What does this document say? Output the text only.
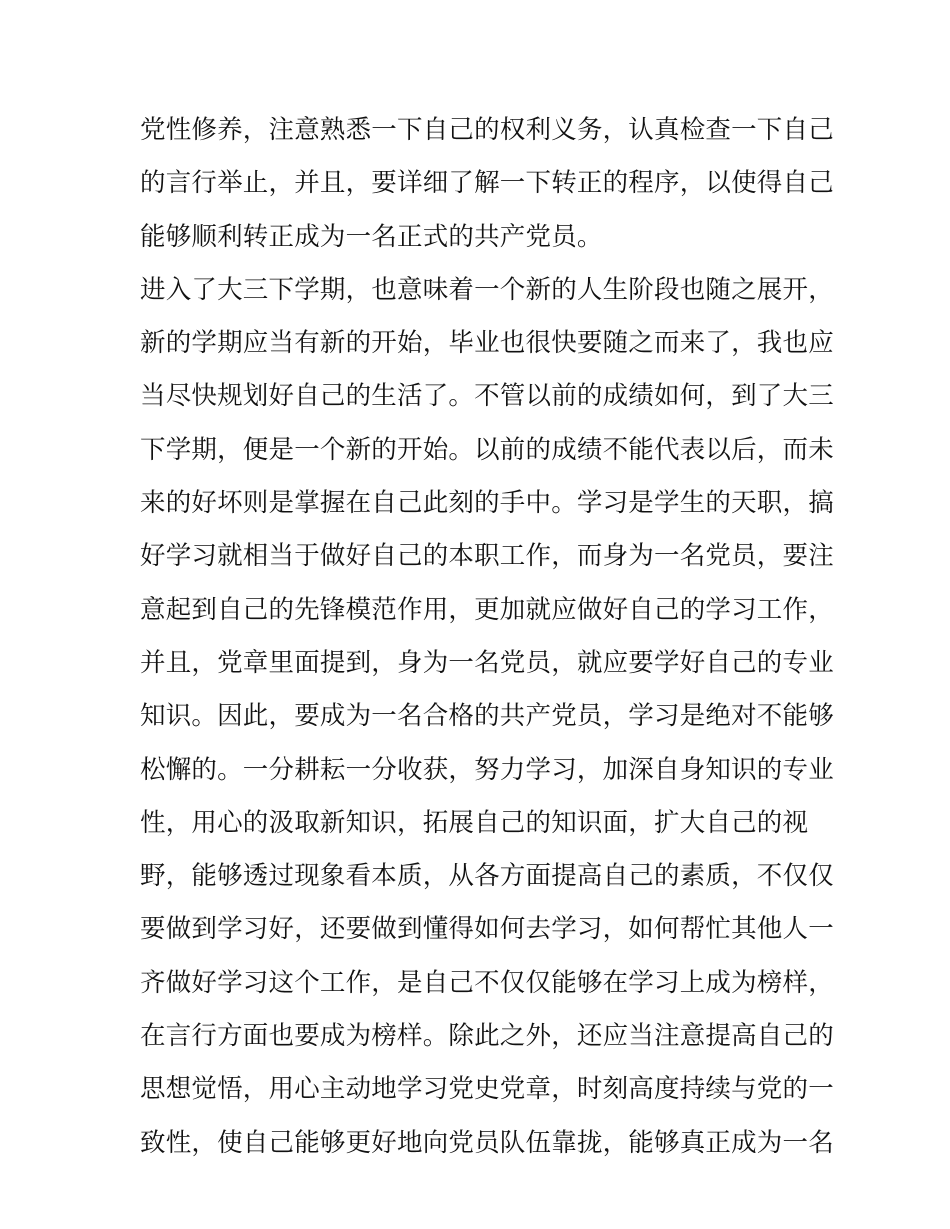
党性修养，注意熟悉一下自己的权利义务，认真检查一下自己
的言行举止，并且，要详细了解一下转正的程序，以使得自己
能够顺利转正成为一名正式的共产党员。
进入了大三下学期，也意味着一个新的人生阶段也随之展开，
新的学期应当有新的开始，毕业也很快要随之而来了，我也应
当尽快规划好自己的生活了。不管以前的成绩如何，到了大三
下学期，便是一个新的开始。以前的成绩不能代表以后，而未
来的好坏则是掌握在自己此刻的手中。学习是学生的天职，搞
好学习就相当于做好自己的本职工作，而身为一名党员，要注
意起到自己的先锋模范作用，更加就应做好自己的学习工作，
并且，党章里面提到，身为一名党员，就应要学好自己的专业
知识。因此，要成为一名合格的共产党员，学习是绝对不能够
松懈的。一分耕耘一分收获，努力学习，加深自身知识的专业
性，用心的汲取新知识，拓展自己的知识面，扩大自己的视
野，能够透过现象看本质，从各方面提高自己的素质，不仅仅
要做到学习好，还要做到懂得如何去学习，如何帮忙其他人一
齐做好学习这个工作，是自己不仅仅能够在学习上成为榜样，
在言行方面也要成为榜样。除此之外，还应当注意提高自己的
思想觉悟，用心主动地学习党史党章，时刻高度持续与党的一
致性，使自己能够更好地向党员队伍靠拢，能够真正成为一名
